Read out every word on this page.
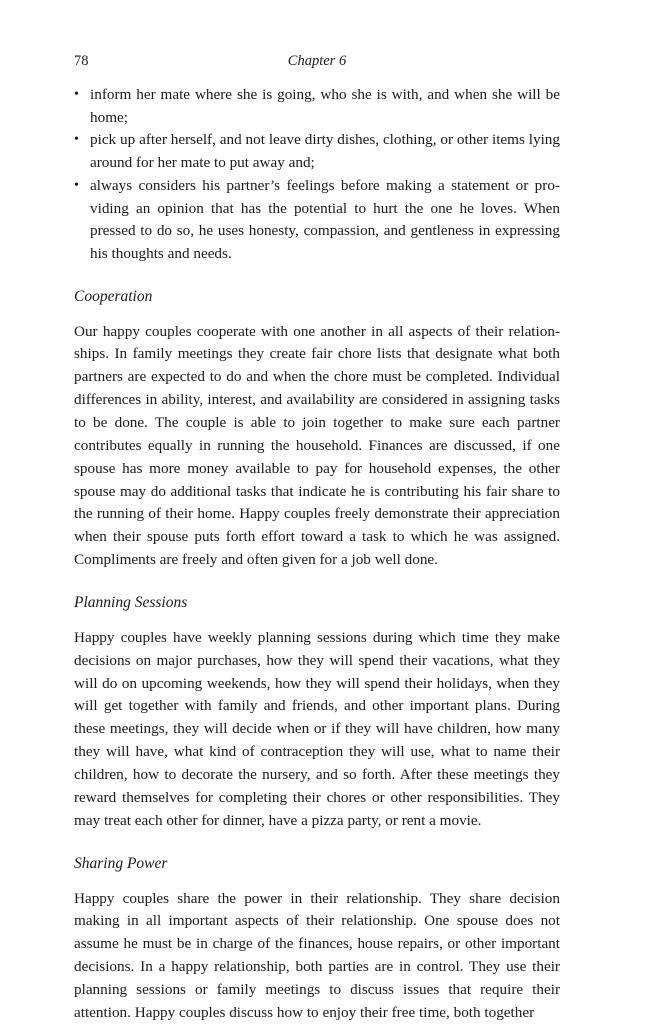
78	Chapter 6
• inform her mate where she is going, who she is with, and when she will be home;
• pick up after herself, and not leave dirty dishes, clothing, or other items lying around for her mate to put away and;
• always considers his partner’s feelings before making a statement or providing an opinion that has the potential to hurt the one he loves. When pressed to do so, he uses honesty, compassion, and gentleness in expressing his thoughts and needs.
Cooperation

Our happy couples cooperate with one another in all aspects of their relationships. In family meetings they create fair chore lists that designate what both partners are expected to do and when the chore must be completed. Individual differences in ability, interest, and availability are considered in assigning tasks to be done. The couple is able to join together to make sure each partner contributes equally in running the household. Finances are discussed, if one spouse has more money available to pay for household expenses, the other spouse may do additional tasks that indicate he is contributing his fair share to the running of their home. Happy couples freely demonstrate their appreciation when their spouse puts forth effort toward a task to which he was assigned. Compliments are freely and often given for a job well done.

Planning Sessions

Happy couples have weekly planning sessions during which time they make decisions on major purchases, how they will spend their vacations, what they will do on upcoming weekends, how they will spend their holidays, when they will get together with family and friends, and other important plans. During these meetings, they will decide when or if they will have children, how many they will have, what kind of contraception they will use, what to name their children, how to decorate the nursery, and so forth. After these meetings they reward themselves for completing their chores or other responsibilities. They may treat each other for dinner, have a pizza party, or rent a movie.

Sharing Power

Happy couples share the power in their relationship. They share decision making in all important aspects of their relationship. One spouse does not assume he must be in charge of the finances, house repairs, or other important decisions. In a happy relationship, both parties are in control. They use their planning sessions or family meetings to discuss issues that require their attention. Happy couples discuss how to enjoy their free time, both together
